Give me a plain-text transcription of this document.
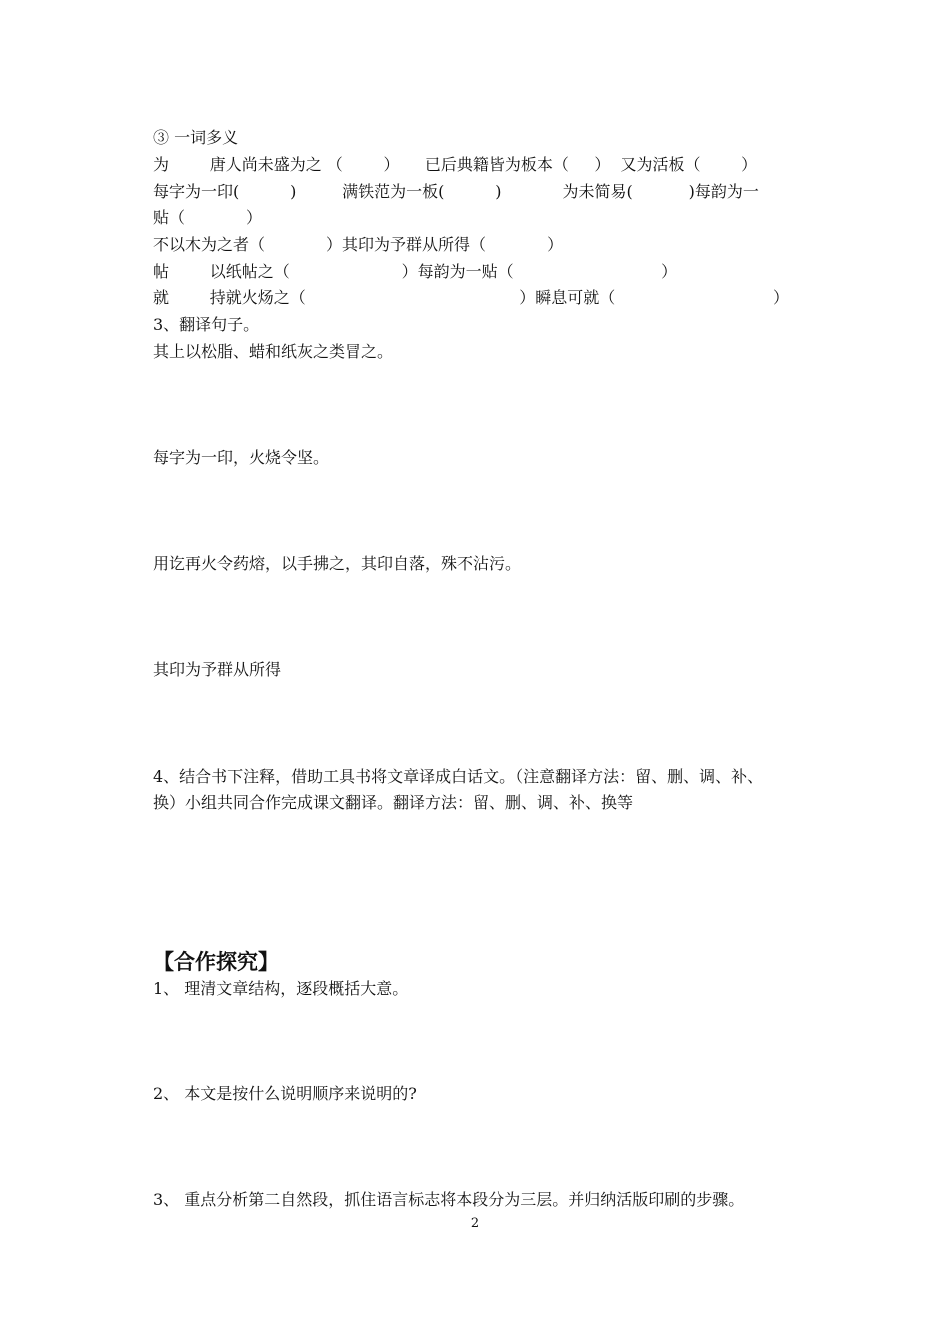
③ 一词多义
为        唐人尚未盛为之 （        ）     已后典籍皆为板本（     ）  又为活板（        ）
每字为一印(          )         满铁范为一板(          )            为未简易(           )每韵为一
贴（            ）
不以木为之者（            ）其印为予群从所得（            ）
帖        以纸帖之（                      ）每韵为一贴（                             ）
就        持就火炀之（                                          ）瞬息可就（                               ）
3、翻译句子。
其上以松脂、蜡和纸灰之类冒之。
每字为一印，火烧令坚。
用讫再火令药熔，以手拂之，其印自落，殊不沾污。
其印为予群从所得
4、结合书下注释，借助工具书将文章译成白话文。（注意翻译方法：留、删、调、补、
换）小组共同合作完成课文翻译。翻译方法：留、删、调、补、换等
【合作探究】
1、 理清文章结构，逐段概括大意。
2、 本文是按什么说明顺序来说明的?
3、 重点分析第二自然段，抓住语言标志将本段分为三层。并归纳活版印刷的步骤。
2
